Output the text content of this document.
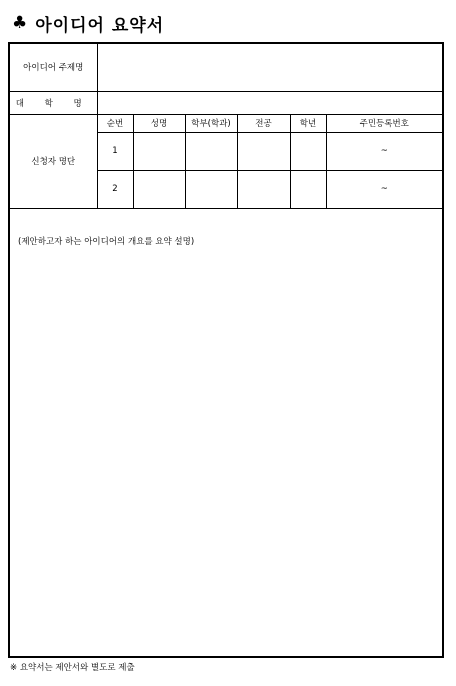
♣ 아이디어 요약서
아이디어 주제명						
대 학 명						
신청자 명단	순번	성명	학부(학과)	전공	학년	주민등록번호
	1					~
	2					~
(제안하고자 하는 아이디어의 개요를 요약 설명)
※ 요약서는 제안서와 별도로 제출
